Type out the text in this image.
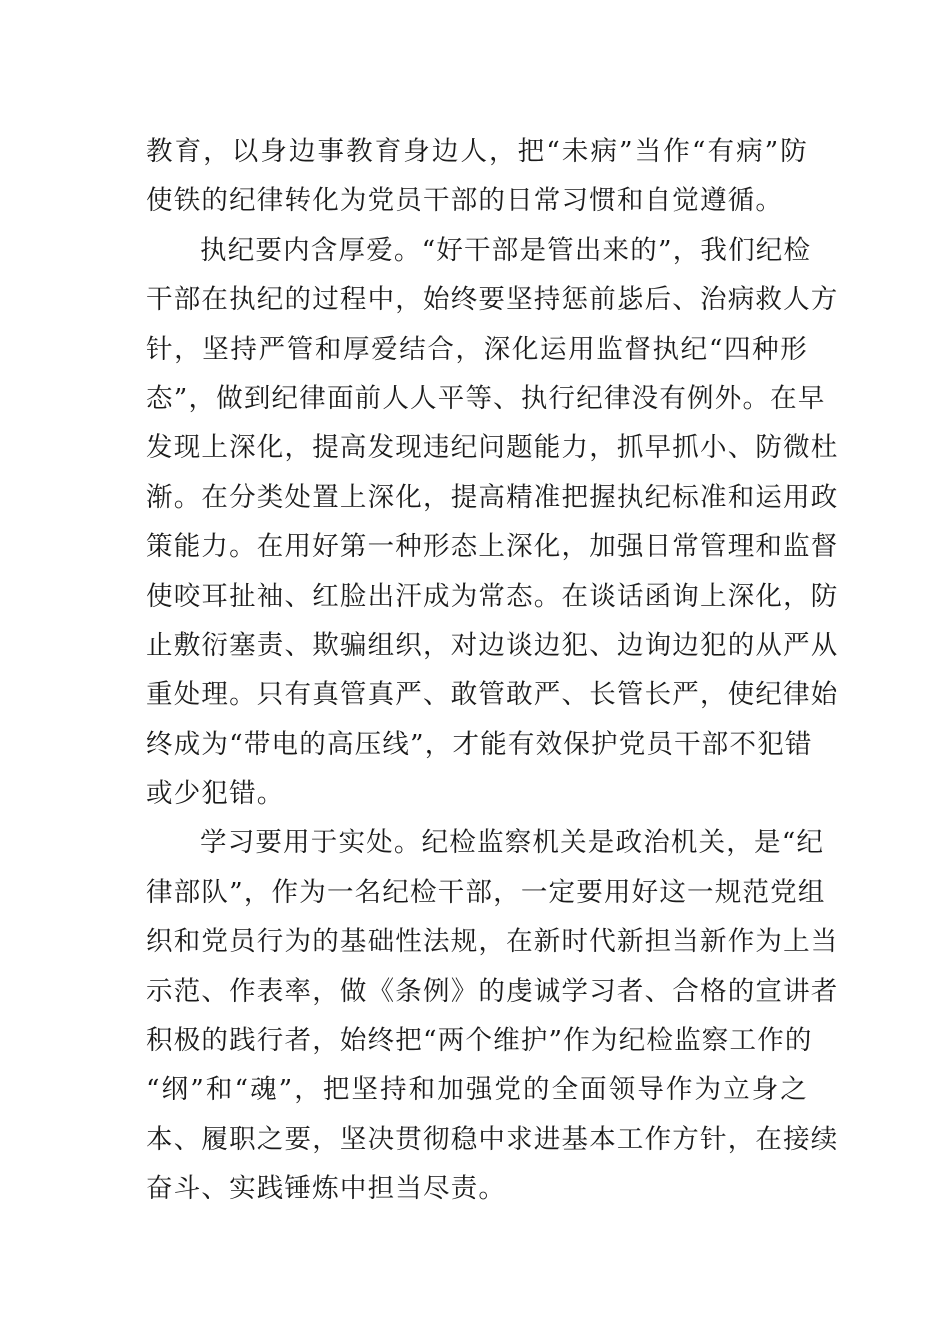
教育，以身边事教育身边人，把“未病”当作“有病”防
使铁的纪律转化为党员干部的日常习惯和自觉遵循。
执纪要内含厚爱。“好干部是管出来的”，我们纪检
干部在执纪的过程中，始终要坚持惩前毖后、治病救人方
针，坚持严管和厚爱结合，深化运用监督执纪“四种形
态”，做到纪律面前人人平等、执行纪律没有例外。在早
发现上深化，提高发现违纪问题能力，抓早抓小、防微杜
渐。在分类处置上深化，提高精准把握执纪标准和运用政
策能力。在用好第一种形态上深化，加强日常管理和监督
使咬耳扯袖、红脸出汗成为常态。在谈话函询上深化，防
止敷衍塞责、欺骗组织，对边谈边犯、边询边犯的从严从
重处理。只有真管真严、敢管敢严、长管长严，使纪律始
终成为“带电的高压线”，才能有效保护党员干部不犯错
或少犯错。
学习要用于实处。纪检监察机关是政治机关，是“纪
律部队”，作为一名纪检干部，一定要用好这一规范党组
织和党员行为的基础性法规，在新时代新担当新作为上当
示范、作表率，做《条例》的虔诚学习者、合格的宣讲者
积极的践行者，始终把“两个维护”作为纪检监察工作的
“纲”和“魂”，把坚持和加强党的全面领导作为立身之
本、履职之要，坚决贯彻稳中求进基本工作方针，在接续
奋斗、实践锤炼中担当尽责。
